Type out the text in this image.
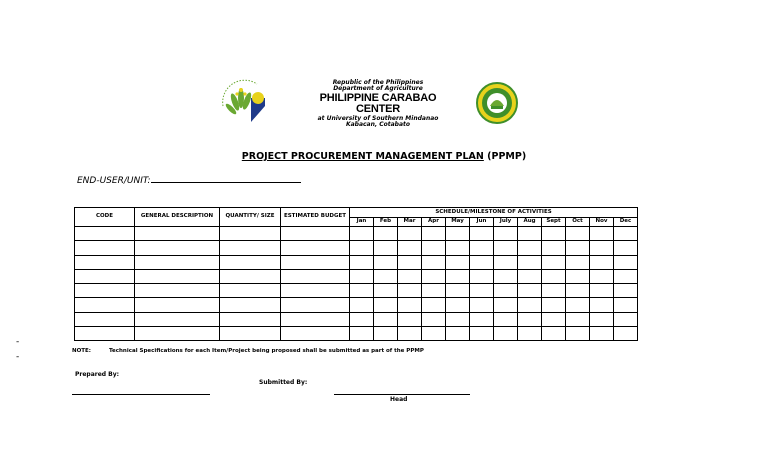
Republic of the Philippines
Department of Agriculture
PHILIPPINE CARABAO CENTER
at University of Southern Mindanao
Kabacan, Cotabato
PROJECT PROCUREMENT MANAGEMENT PLAN (PPMP)
END-USER/UNIT:
CODE	GENERAL DESCRIPTION	QUANTITY/ SIZE	ESTIMATED BUDGET	SCHEDULE/MILESTONE OF ACTIVITIES											
				Jan	Feb	Mar	Apr	May	Jun	July	Aug	Sept	Oct	Nov	Dec

-
-
NOTE:	Technical Specifications for each Item/Project being proposed shall be submitted as part of the PPMP
Prepared By:
Submitted By:
Head
